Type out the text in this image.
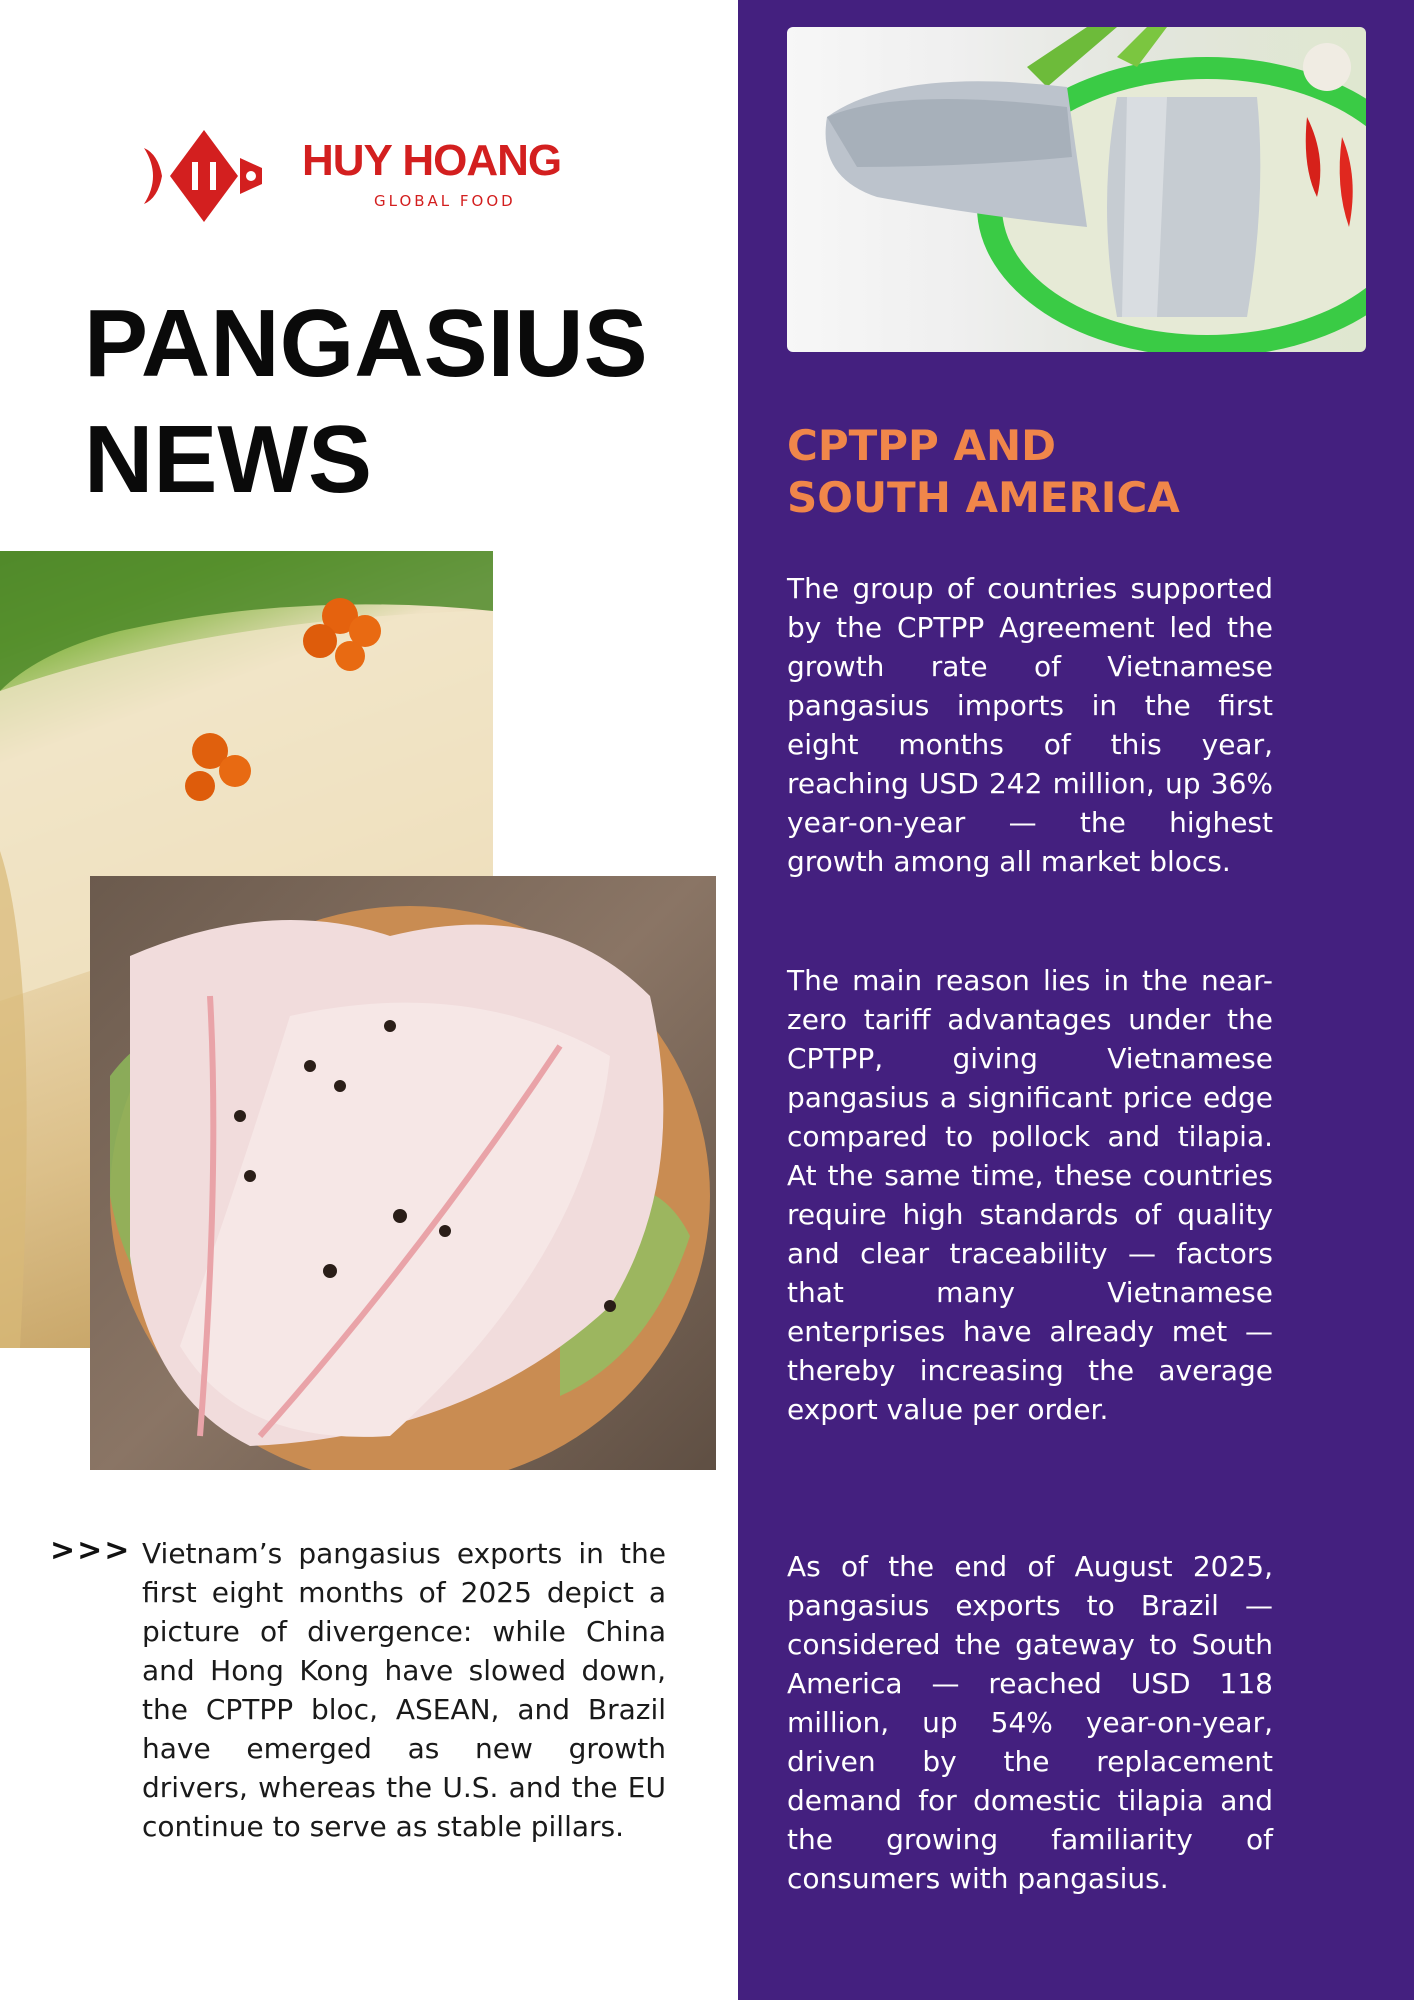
HUY HOANG
GLOBAL FOOD
PANGASIUS
NEWS
>>> Vietnam’s pangasius exports in the first eight months of 2025 depict a picture of divergence: while China and Hong Kong have slowed down, the CPTPP bloc, ASEAN, and Brazil have emerged as new growth drivers, whereas the U.S. and the EU continue to serve as stable pillars.

CPTPP AND
SOUTH AMERICA

The group of countries supported by the CPTPP Agreement led the growth rate of Vietnamese pangasius imports in the first eight months of this year, reaching USD 242 million, up 36% year-on-year — the highest growth among all market blocs.

The main reason lies in the near-zero tariff advantages under the CPTPP, giving Vietnamese pangasius a significant price edge compared to pollock and tilapia. At the same time, these countries require high standards of quality and clear traceability — factors that many Vietnamese enterprises have already met — thereby increasing the average export value per order.

As of the end of August 2025, pangasius exports to Brazil — considered the gateway to South America — reached USD 118 million, up 54% year-on-year, driven by the replacement demand for domestic tilapia and the growing familiarity of consumers with pangasius.
